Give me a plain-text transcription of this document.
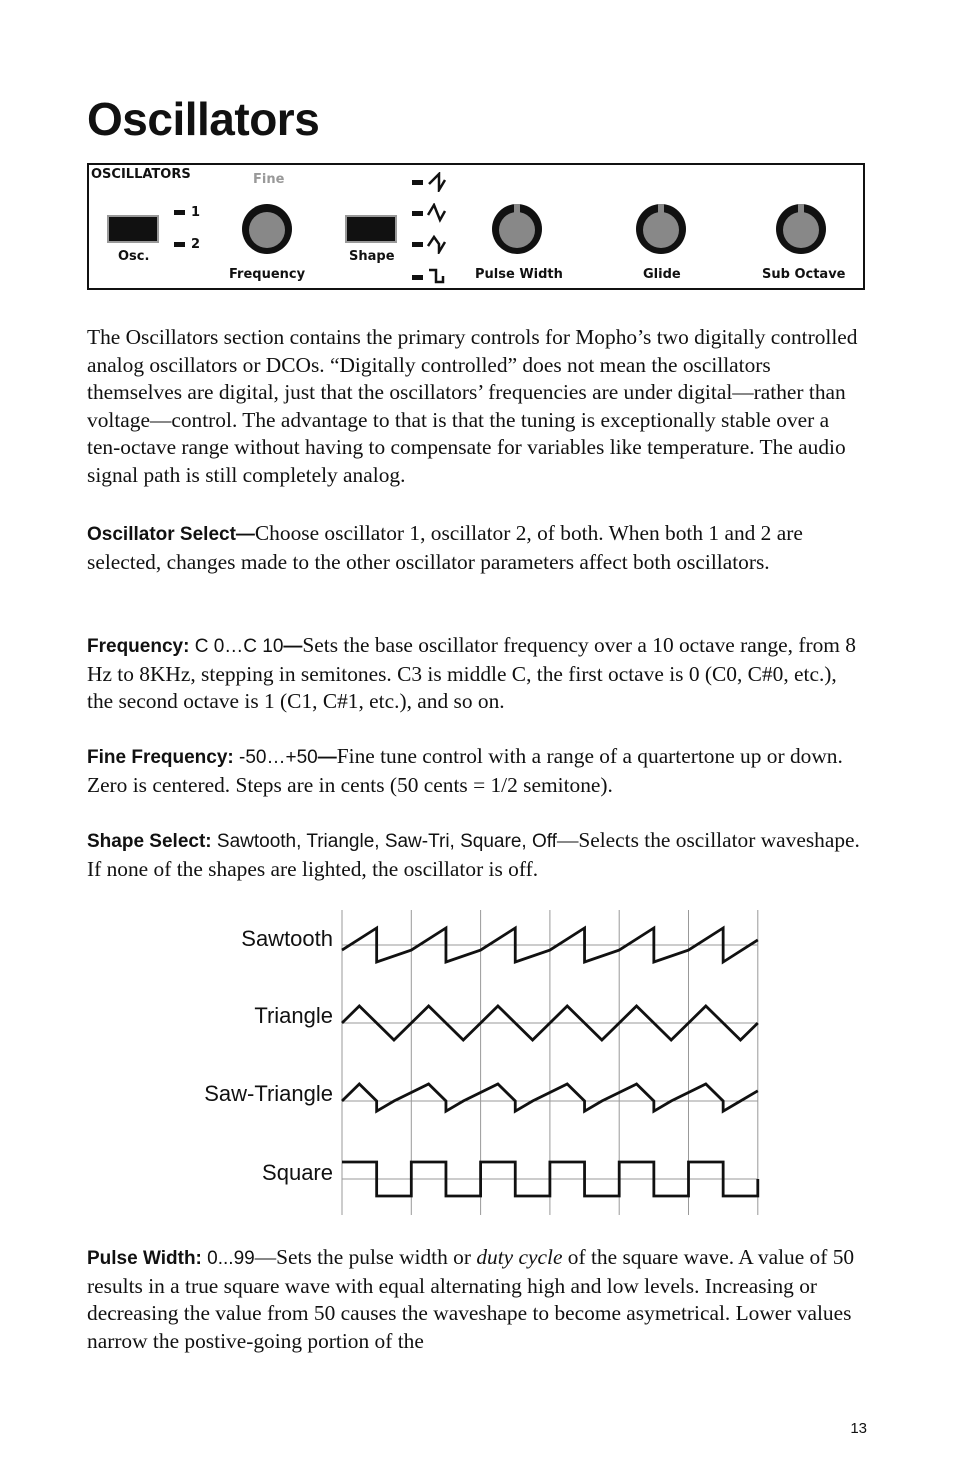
Oscillators
OSCILLATORS	Fine
Osc.
1
2
Frequency
Shape
Pulse Width	Glide	Sub Octave

The Oscillators section contains the primary controls for Mopho’s two digitally controlled analog oscillators or DCOs. “Digitally controlled” does not mean the oscillators themselves are digital, just that the oscillators’ frequencies are under digital—rather than voltage—control. The advantage to that is that the tuning is exceptionally stable over a ten-octave range without having to compensate for variables like temperature. The audio signal path is still completely analog.

Oscillator Select—Choose oscillator 1, oscillator 2, of both. When both 1 and 2 are selected, changes made to the other oscillator parameters affect both oscillators.

Frequency: C 0…C 10—Sets the base oscillator frequency over a 10 octave range, from 8 Hz to 8KHz, stepping in semitones. C3 is middle C, the first octave is 0 (C0, C#0, etc.), the second octave is 1 (C1, C#1, etc.), and so on.

Fine Frequency: -50…+50—Fine tune control with a range of a quartertone up or down. Zero is centered. Steps are in cents (50 cents = 1/2 semitone).

Shape Select: Sawtooth, Triangle, Saw-Tri, Square, Off—Selects the oscillator waveshape. If none of the shapes are lighted, the oscillator is off.

Sawtooth
Triangle
Saw-Triangle
Square

Pulse Width: 0...99—Sets the pulse width or duty cycle of the square wave. A value of 50 results in a true square wave with equal alternating high and low levels. Increasing or decreasing the value from 50 causes the waveshape to become asymetrical. Lower values narrow the postive-going portion of the

13
